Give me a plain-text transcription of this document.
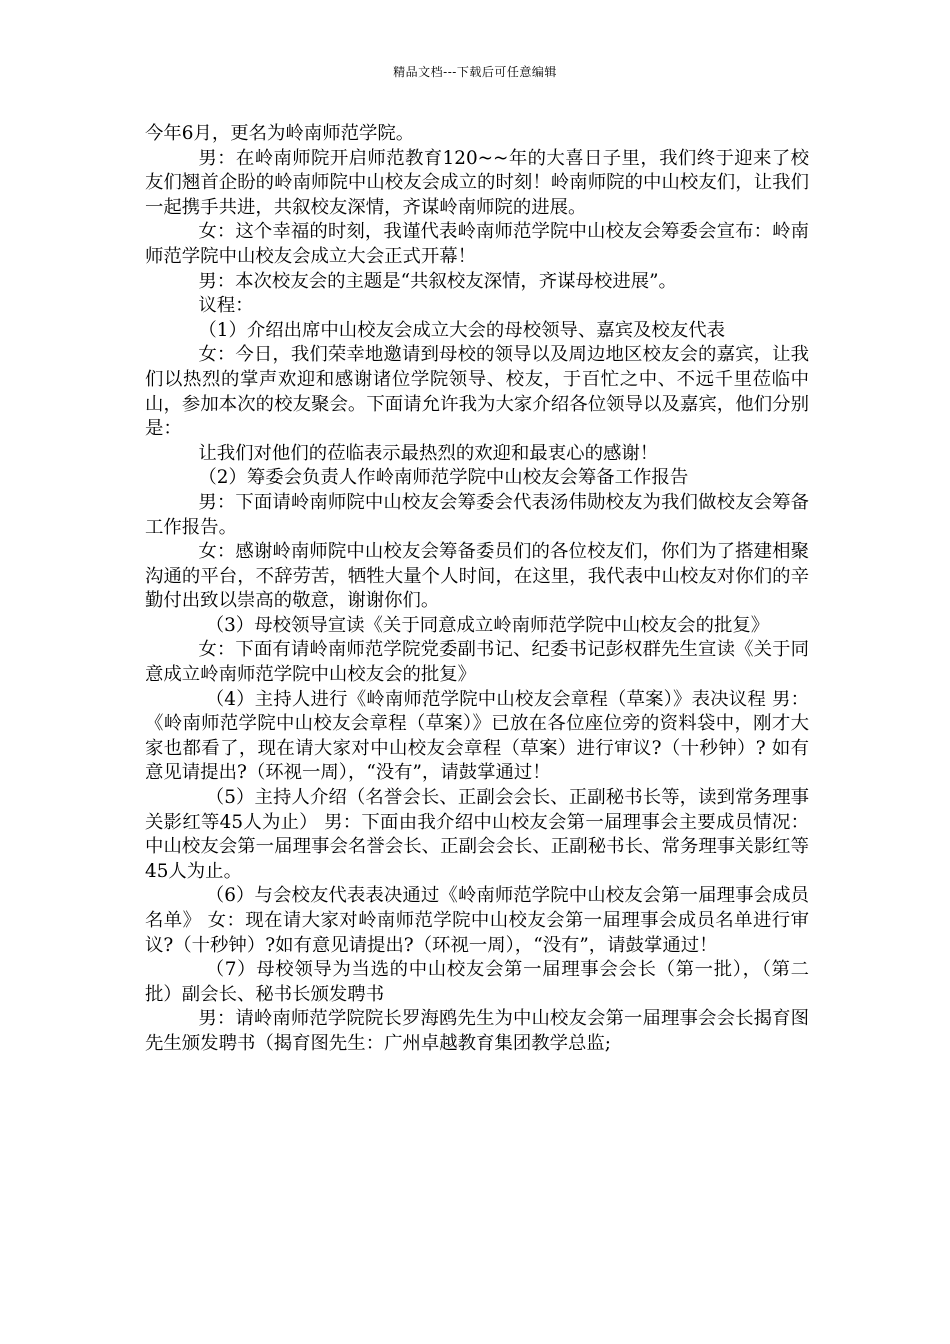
精品文档---下载后可任意编辑

今年6月，更名为岭南师范学院。

男：在岭南师院开启师范教育120~~年的大喜日子里，我们终于迎来了校友们翘首企盼的岭南师院中山校友会成立的时刻！岭南师院的中山校友们，让我们一起携手共进，共叙校友深情，齐谋岭南师院的进展。

女：这个幸福的时刻，我谨代表岭南师范学院中山校友会筹委会宣布：岭南师范学院中山校友会成立大会正式开幕！

男：本次校友会的主题是“共叙校友深情，齐谋母校进展”。

议程：

（1）介绍出席中山校友会成立大会的母校领导、嘉宾及校友代表

女：今日，我们荣幸地邀请到母校的领导以及周边地区校友会的嘉宾，让我们以热烈的掌声欢迎和感谢诸位学院领导、校友，于百忙之中、不远千里莅临中山，参加本次的校友聚会。下面请允许我为大家介绍各位领导以及嘉宾，他们分别是：

让我们对他们的莅临表示最热烈的欢迎和最衷心的感谢！

（2）筹委会负责人作岭南师范学院中山校友会筹备工作报告

男：下面请岭南师院中山校友会筹委会代表汤伟勋校友为我们做校友会筹备工作报告。

女：感谢岭南师院中山校友会筹备委员们的各位校友们，你们为了搭建相聚沟通的平台，不辞劳苦，牺牲大量个人时间，在这里，我代表中山校友对你们的辛勤付出致以崇高的敬意，谢谢你们。

（3）母校领导宣读《关于同意成立岭南师范学院中山校友会的批复》

女：下面有请岭南师范学院党委副书记、纪委书记彭权群先生宣读《关于同意成立岭南师范学院中山校友会的批复》

（4）主持人进行《岭南师范学院中山校友会章程（草案）》表决议程 男：《岭南师范学院中山校友会章程（草案）》已放在各位座位旁的资料袋中，刚才大家也都看了，现在请大家对中山校友会章程（草案）进行审议?（十秒钟）? 如有意见请提出?（环视一周），“没有”，请鼓掌通过！

（5）主持人介绍（名誉会长、正副会会长、正副秘书长等，读到常务理事关影红等45人为止） 男：下面由我介绍中山校友会第一届理事会主要成员情况：中山校友会第一届理事会名誉会长、正副会会长、正副秘书长、常务理事关影红等45人为止。

（6）与会校友代表表决通过《岭南师范学院中山校友会第一届理事会成员名单》 女：现在请大家对岭南师范学院中山校友会第一届理事会成员名单进行审议?（十秒钟）?如有意见请提出?（环视一周），“没有”，请鼓掌通过！

（7）母校领导为当选的中山校友会第一届理事会会长（第一批），（第二批）副会长、秘书长颁发聘书

男：请岭南师范学院院长罗海鸥先生为中山校友会第一届理事会会长揭育图先生颁发聘书（揭育图先生：广州卓越教育集团教学总监;
